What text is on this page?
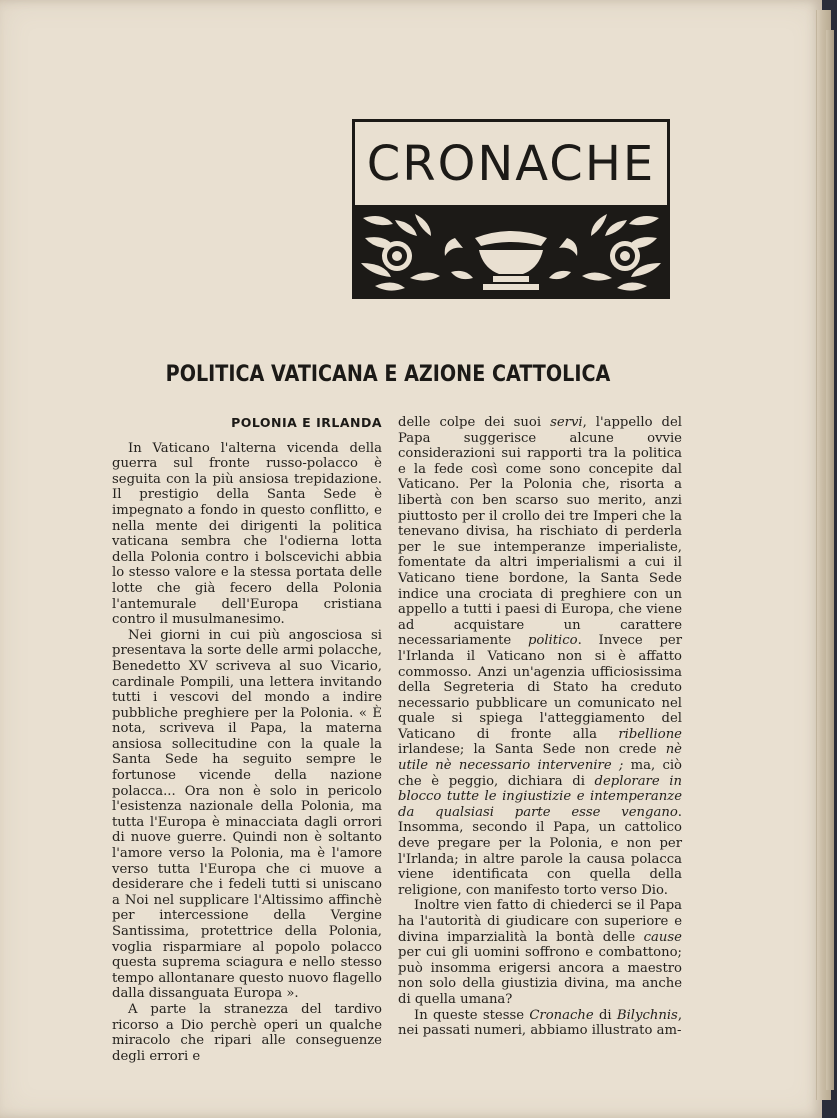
CRONACHE
POLITICA VATICANA E AZIONE CATTOLICA
POLONIA E IRLANDA

In Vaticano l'alterna vicenda della guerra sul fronte russo-polacco è seguita con la più ansiosa trepidazione. Il prestigio della Santa Sede è impegnato a fondo in questo conflitto, e nella mente dei dirigenti la politica vaticana sembra che l'odierna lotta della Polonia contro i bolscevichi abbia lo stesso valore e la stessa portata delle lotte che già fecero della Polonia l'antemurale dell'Europa cristiana contro il musulmanesimo.

Nei giorni in cui più angosciosa si presentava la sorte delle armi polacche, Benedetto XV scriveva al suo Vicario, cardinale Pompili, una lettera invitando tutti i vescovi del mondo a indire pubbliche preghiere per la Polonia. « È nota, scriveva il Papa, la materna ansiosa sollecitudine con la quale la Santa Sede ha seguito sempre le fortunose vicende della nazione polacca... Ora non è solo in pericolo l'esistenza nazionale della Polonia, ma tutta l'Europa è minacciata dagli orrori di nuove guerre. Quindi non è soltanto l'amore verso la Polonia, ma è l'amore verso tutta l'Europa che ci muove a desiderare che i fedeli tutti si uniscano a Noi nel supplicare l'Altissimo affinchè per intercessione della Vergine Santissima, protettrice della Polonia, voglia risparmiare al popolo polacco questa suprema sciagura e nello stesso tempo allontanare questo nuovo flagello dalla dissanguata Europa ».

A parte la stranezza del tardivo ricorso a Dio perchè operi un qualche miracolo che ripari alle conseguenze degli errori e

delle colpe dei suoi servi, l'appello del Papa suggerisce alcune ovvie considerazioni sui rapporti tra la politica e la fede così come sono concepite dal Vaticano. Per la Polonia che, risorta a libertà con ben scarso suo merito, anzi piuttosto per il crollo dei tre Imperi che la tenevano divisa, ha rischiato di perderla per le sue intemperanze imperialiste, fomentate da altri imperialismi a cui il Vaticano tiene bordone, la Santa Sede indice una crociata di preghiere con un appello a tutti i paesi di Europa, che viene ad acquistare un carattere necessariamente politico. Invece per l'Irlanda il Vaticano non si è affatto commosso. Anzi un'agenzia ufficiosissima della Segreteria di Stato ha creduto necessario pubblicare un comunicato nel quale si spiega l'atteggiamento del Vaticano di fronte alla ribellione irlandese; la Santa Sede non crede nè utile nè necessario intervenire ; ma, ciò che è peggio, dichiara di deplorare in blocco tutte le ingiustizie e intemperanze da qualsiasi parte esse vengano. Insomma, secondo il Papa, un cattolico deve pregare per la Polonia, e non per l'Irlanda; in altre parole la causa polacca viene identificata con quella della religione, con manifesto torto verso Dio.

Inoltre vien fatto di chiederci se il Papa ha l'autorità di giudicare con superiore e divina imparzialità la bontà delle cause per cui gli uomini soffrono e combattono; può insomma erigersi ancora a maestro non solo della giustizia divina, ma anche di quella umana?

In queste stesse Cronache di Bilychnis, nei passati numeri, abbiamo illustrato am-
